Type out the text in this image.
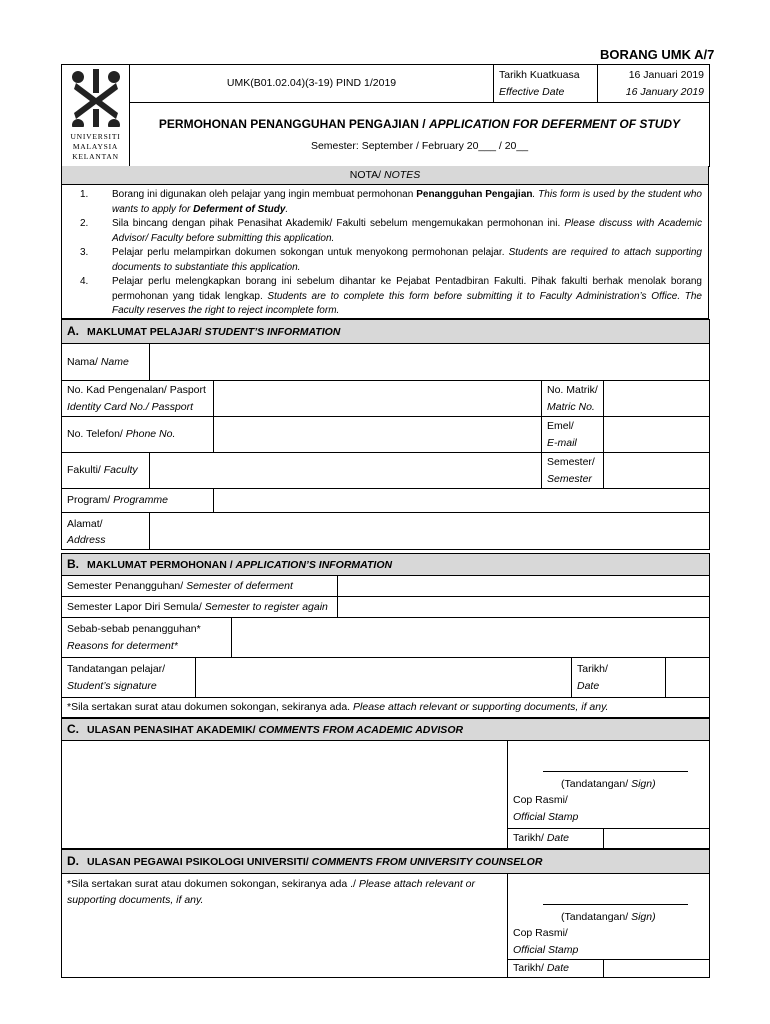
BORANG UMK A/7
UNIVERSITI
MALAYSIA
KELANTAN
	UMK(B01.02.04)(3-19) PIND 1/2019	
Tarikh Kuatkuasa
Effective Date

16 Januari 2019
16 January 2019

PERMOHONAN PENANGGUHAN PENGAJIAN / APPLICATION FOR DEFERMENT OF STUDY
Semester: September / February 20___ / 20__
NOTA/ NOTES
1.	Borang ini digunakan oleh pelajar yang ingin membuat permohonan Penangguhan Pengajian. This form is used by the student who wants to apply for Deferment of Study.
2.	Sila bincang dengan pihak Penasihat Akademik/ Fakulti sebelum mengemukakan permohonan ini. Please discuss with Academic Advisor/ Faculty before submitting this application.
3.	Pelajar perlu melampirkan dokumen sokongan untuk menyokong permohonan pelajar. Students are required to attach supporting documents to substantiate this application.
4.	Pelajar perlu melengkapkan borang ini sebelum dihantar ke Pejabat Pentadbiran Fakulti. Pihak fakulti berhak menolak borang permohonan yang tidak lengkap. Students are to complete this form before submitting it to Faculty Administration’s Office. The Faculty reserves the right to reject incomplete form.
A. MAKLUMAT PELAJAR/ STUDENT’S INFORMATION				
Nama/ Name				

No. Kad Pengenalan/ Pasport
Identity Card No./ Passport			No. Matrik/
Matric No.	
No. Telefon/ Phone No.			Emel/
E-mail	
Fakulti/ Faculty			Semester/
Semester	
Program/ Programme				
Alamat/ Address				
B. MAKLUMAT PERMOHONAN / APPLICATION’S INFORMATION					
Semester Penangguhan/ Semester of deferment					
Semester Lapor Diri Semula/ Semester to register again					

Sebab-sebab penangguhan*
Reasons for determent*					

Tandatangan pelajar/
Student’s signature				Tarikh/
Date	
*Sila sertakan surat atau dokumen sokongan, sekiranya ada. Please attach relevant or supporting documents, if any.					
C. ULASAN PENASIHAT AKADEMIK/ COMMENTS FROM ACADEMIC ADVISOR		

	(Tandatangan/ Sign)
Cop Rasmi/
Official Stamp	
	Tarikh/ Date	
D. ULASAN PEGAWAI PSIKOLOGI UNIVERSITI/ COMMENTS FROM UNIVERSITY COUNSELOR		
*Sila sertakan surat atau dokumen sokongan, sekiranya ada ./ Please attach relevant or supporting documents, if any.	(Tandatangan/ Sign)
Cop Rasmi/
Official Stamp	
	Tarikh/ Date	
